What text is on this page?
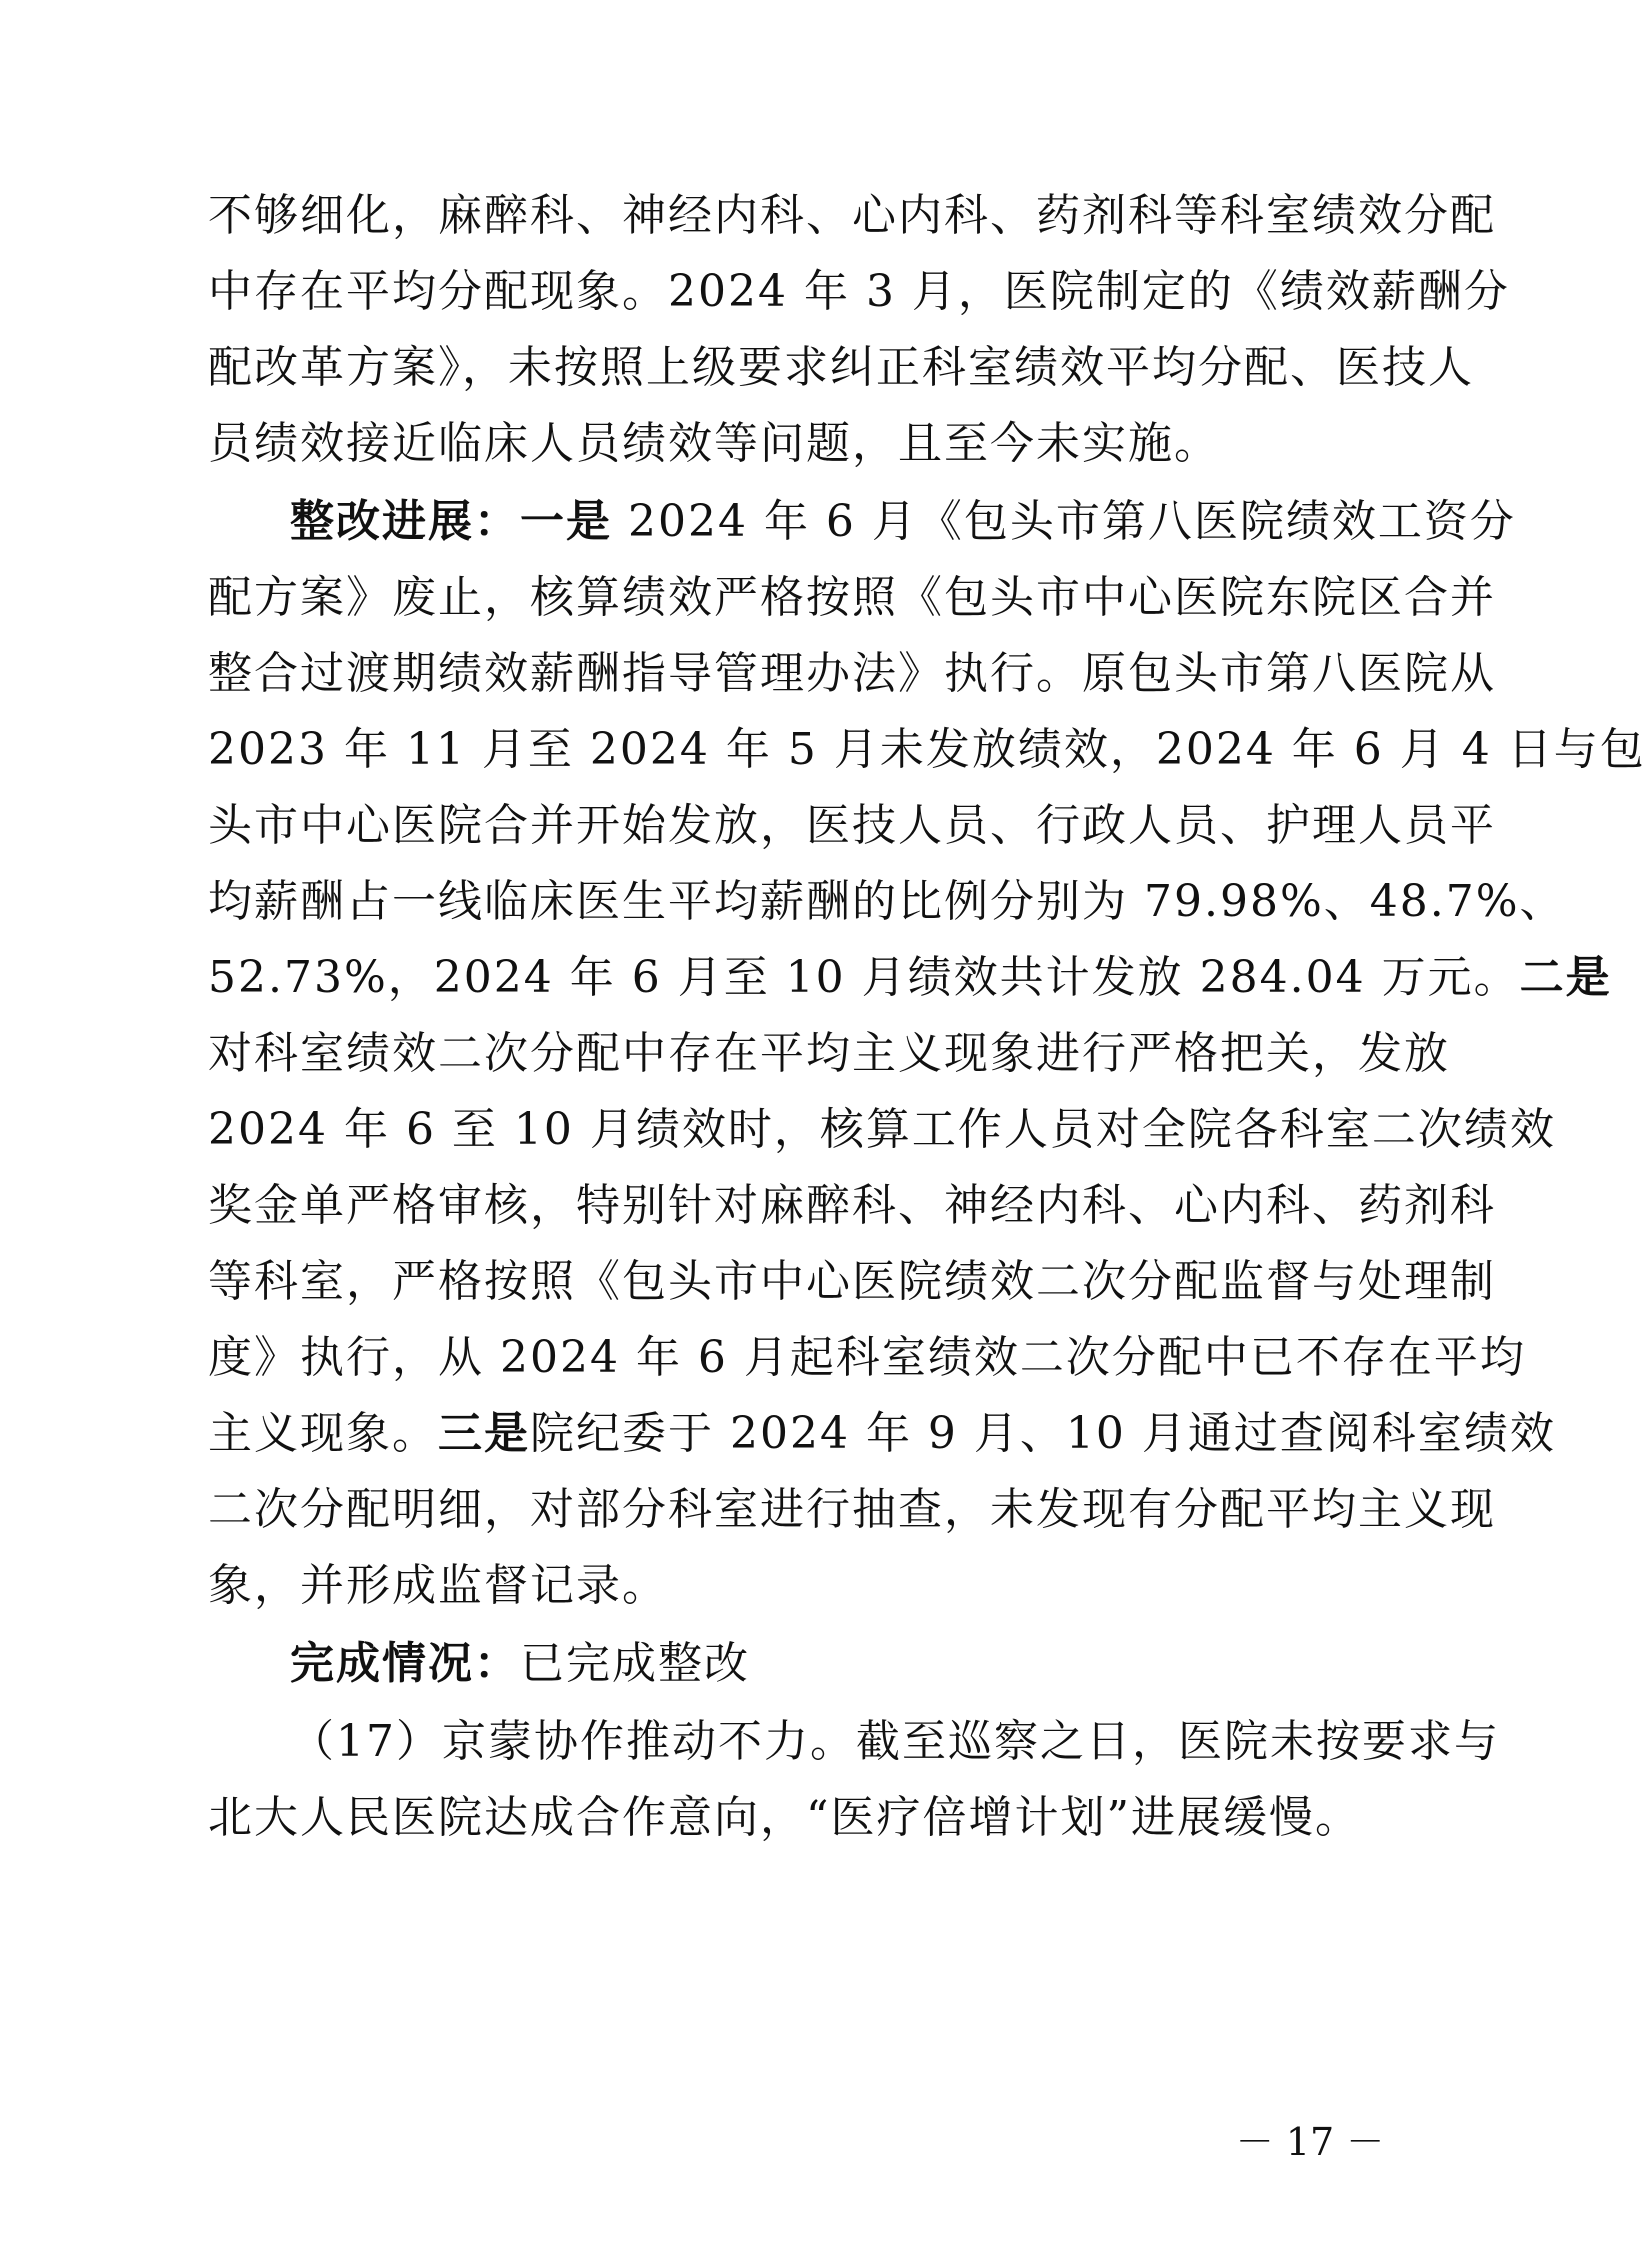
不够细化，麻醉科、神经内科、心内科、药剂科等科室绩效分配
中存在平均分配现象。2024 年 3 月，医院制定的《绩效薪酬分
配改革方案》，未按照上级要求纠正科室绩效平均分配、医技人
员绩效接近临床人员绩效等问题，且至今未实施。
整改进展：一是 2024 年 6 月《包头市第八医院绩效工资分
配方案》废止，核算绩效严格按照《包头市中心医院东院区合并
整合过渡期绩效薪酬指导管理办法》执行。原包头市第八医院从
2023 年 11 月至 2024 年 5 月未发放绩效，2024 年 6 月 4 日与包
头市中心医院合并开始发放，医技人员、行政人员、护理人员平
均薪酬占一线临床医生平均薪酬的比例分别为 79.98%、48.7%、
52.73%，2024 年 6 月至 10 月绩效共计发放 284.04 万元。二是
对科室绩效二次分配中存在平均主义现象进行严格把关，发放
2024 年 6 至 10 月绩效时，核算工作人员对全院各科室二次绩效
奖金单严格审核，特别针对麻醉科、神经内科、心内科、药剂科
等科室，严格按照《包头市中心医院绩效二次分配监督与处理制
度》执行，从 2024 年 6 月起科室绩效二次分配中已不存在平均
主义现象。三是院纪委于 2024 年 9 月、10 月通过查阅科室绩效
二次分配明细，对部分科室进行抽查，未发现有分配平均主义现
象，并形成监督记录。
完成情况：已完成整改
（17）京蒙协作推动不力。截至巡察之日，医院未按要求与
北大人民医院达成合作意向，“医疗倍增计划”进展缓慢。
－ 17 －
